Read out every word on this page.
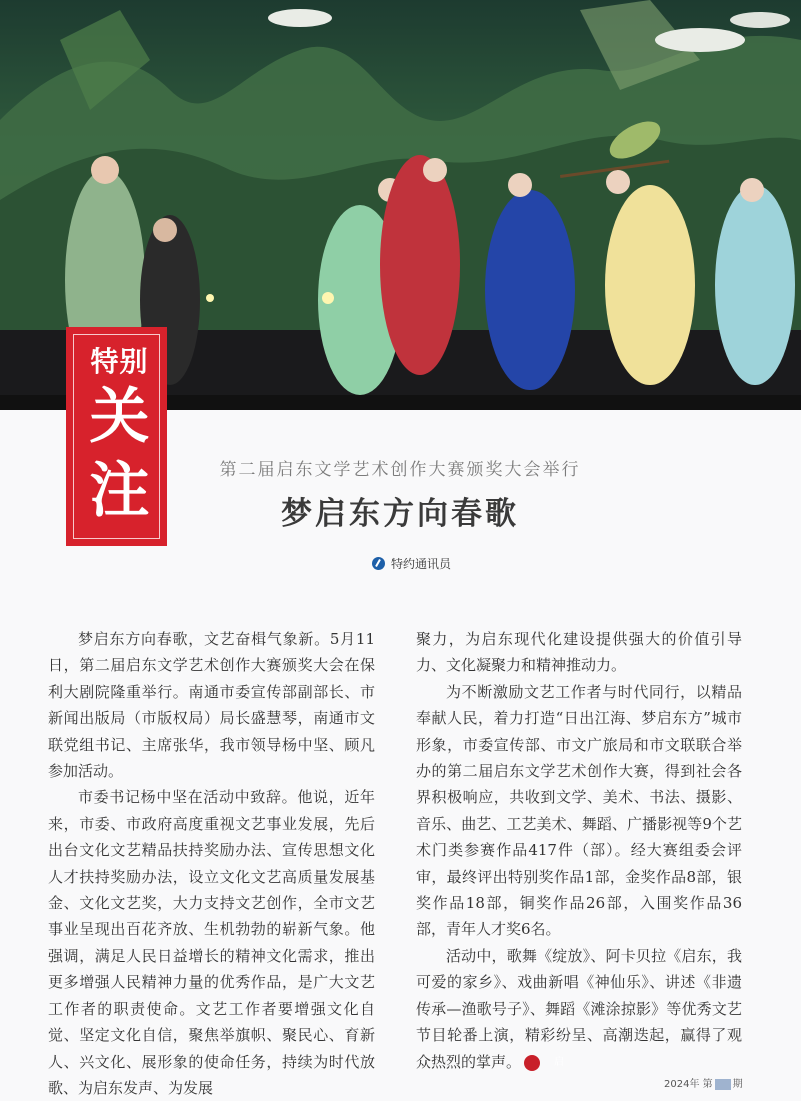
特别
关
注	第二届启东文学艺术创作大赛颁奖大会举行
梦启东方向春歌
特约通讯员

梦启东方向春歌，文艺奋楫气象新。5月11日，第二届启东文学艺术创作大赛颁奖大会在保利大剧院隆重举行。南通市委宣传部副部长、市新闻出版局（市版权局）局长盛慧琴，南通市文联党组书记、主席张华，我市领导杨中坚、顾凡参加活动。

市委书记杨中坚在活动中致辞。他说，近年来，市委、市政府高度重视文艺事业发展，先后出台文化文艺精品扶持奖励办法、宣传思想文化人才扶持奖励办法，设立文化文艺高质量发展基金、文化文艺奖，大力支持文艺创作，全市文艺事业呈现出百花齐放、生机勃勃的崭新气象。他强调，满足人民日益增长的精神文化需求，推出更多增强人民精神力量的优秀作品，是广大文艺工作者的职责使命。文艺工作者要增强文化自觉、坚定文化自信，聚焦举旗帜、聚民心、育新人、兴文化、展形象的使命任务，持续为时代放歌、为启东发声、为发展

聚力，为启东现代化建设提供强大的价值引导力、文化凝聚力和精神推动力。

为不断激励文艺工作者与时代同行，以精品奉献人民，着力打造“日出江海、梦启东方”城市形象，市委宣传部、市文广旅局和市文联联合举办的第二届启东文学艺术创作大赛，得到社会各界积极响应，共收到文学、美术、书法、摄影、音乐、曲艺、工艺美术、舞蹈、广播影视等9个艺术门类参赛作品417件（部）。经大赛组委会评审，最终评出特别奖作品1部，金奖作品8部，银奖作品18部，铜奖作品26部，入围奖作品36部，青年人才奖6名。

活动中，歌舞《绽放》、阿卡贝拉《启东，我可爱的家乡》、戏曲新唱《神仙乐》、讲述《非遗传承—渔歌号子》、舞蹈《滩涂掠影》等优秀文艺节目轮番上演，精彩纷呈、高潮迭起，赢得了观众热烈的掌声。	启

2024年 第 期
